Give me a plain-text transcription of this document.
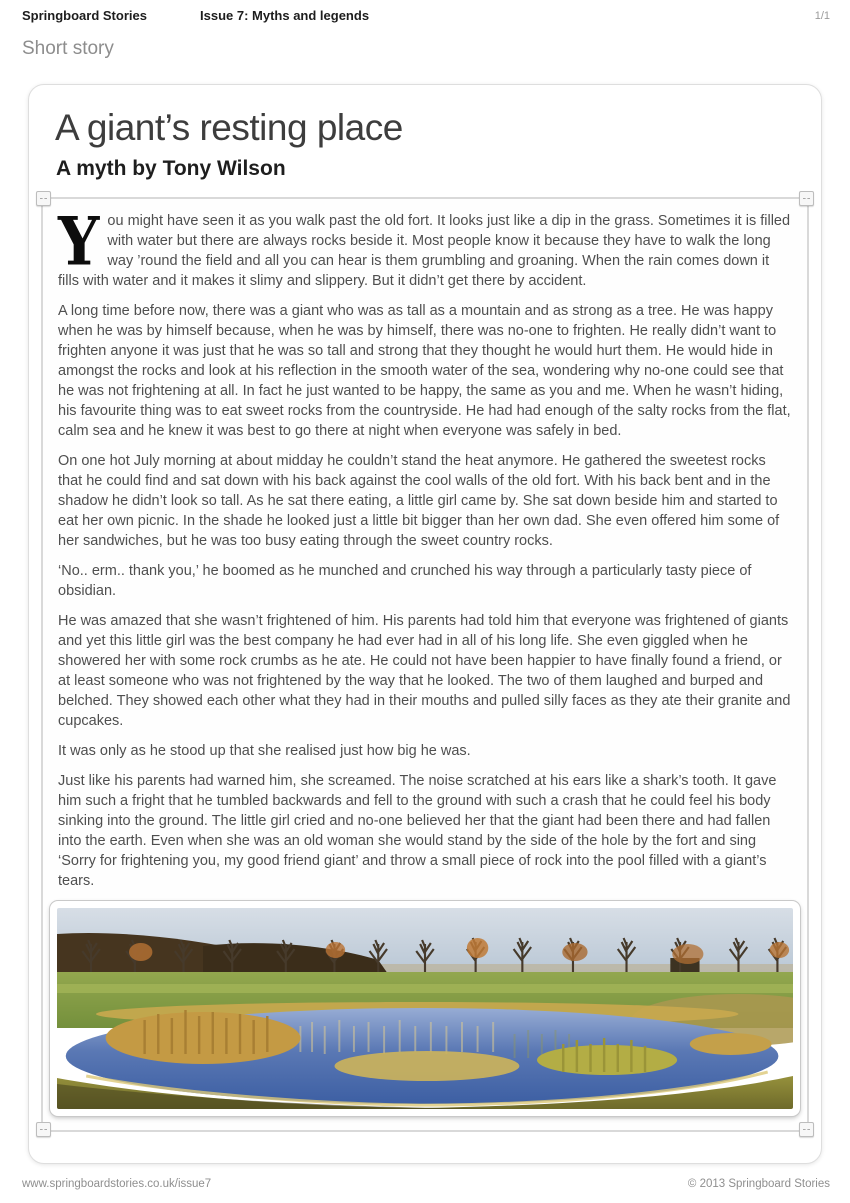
Springboard Stories	Issue 7: Myths and legends	1/1
Short story
A giant’s resting place
A myth by Tony Wilson

You might have seen it as you walk past the old fort. It looks just like a dip in the grass. Sometimes it is filled with water but there are always rocks beside it. Most people know it because they have to walk the long way ’round the field and all you can hear is them grumbling and groaning. When the rain comes down it fills with water and it makes it slimy and slippery. But it didn’t get there by accident.

A long time before now, there was a giant who was as tall as a mountain and as strong as a tree. He was happy when he was by himself because, when he was by himself, there was no-one to frighten. He really didn’t want to frighten anyone it was just that he was so tall and strong that they thought he would hurt them. He would hide in amongst the rocks and look at his reflection in the smooth water of the sea, wondering why no-one could see that he was not frightening at all. In fact he just wanted to be happy, the same as you and me. When he wasn’t hiding, his favourite thing was to eat sweet rocks from the countryside. He had had enough of the salty rocks from the flat, calm sea and he knew it was best to go there at night when everyone was safely in bed.

On one hot July morning at about midday he couldn’t stand the heat anymore. He gathered the sweetest rocks that he could find and sat down with his back against the cool walls of the old fort. With his back bent and in the shadow he didn’t look so tall. As he sat there eating, a little girl came by. She sat down beside him and started to eat her own picnic. In the shade he looked just a little bit bigger than her own dad. She even offered him some of her sandwiches, but he was too busy eating through the sweet country rocks.

‘No.. erm.. thank you,’ he boomed as he munched and crunched his way through a particularly tasty piece of obsidian.

He was amazed that she wasn’t frightened of him. His parents had told him that everyone was frightened of giants and yet this little girl was the best company he had ever had in all of his long life. She even giggled when he showered her with some rock crumbs as he ate. He could not have been happier to have finally found a friend, or at least someone who was not frightened by the way that he looked. The two of them laughed and burped and belched. They showed each other what they had in their mouths and pulled silly faces as they ate their granite and cupcakes.

It was only as he stood up that she realised just how big he was.

Just like his parents had warned him, she screamed. The noise scratched at his ears like a shark’s tooth. It gave him such a fright that he tumbled backwards and fell to the ground with such a crash that he could feel his body sinking into the ground. The little girl cried and no-one believed her that the giant had been there and had fallen into the earth. Even when she was an old woman she would stand by the side of the hole by the fort and sing ‘Sorry for frightening you, my good friend giant’ and throw a small piece of rock into the pool filled with a giant’s tears.

www.springboardstories.co.uk/issue7	© 2013 Springboard Stories
